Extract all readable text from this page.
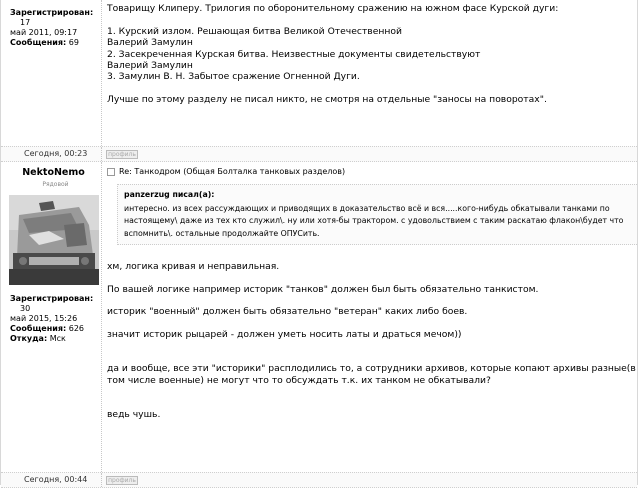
Зарегистрирован: 17
май 2011, 09:17
Сообщения: 69

Товарищу Клиперу. Трилогия по оборонительному сражению на южном фасе Курской дуги:

1. Курский излом. Решающая битва Великой Отечественной

Валерий Замулин

2. Засекреченная Курская битва. Неизвестные документы свидетельствуют

Валерий Замулин

3. Замулин В. Н. Забытое сражение Огненной Дуги.

Лучше по этому разделу не писал никто, не смотря на отдельные "заносы на поворотах".

Сегодня, 00:23	профиль
NektoNemo
Рядовой
Зарегистрирован: 30
май 2015, 15:26
Сообщения: 626
Откуда: Мск
Re: Танкодром (Общая Болталка танковых разделов)
panzerzug писал(а):
интересно. из всех рассуждающих и приводящих в доказательство всё и вся.....кого-нибудь обкатывали танками по настоящему\ даже из тех кто служил\. ну или хотя-бы трактором. с удовольствием с таким раскатаю флакон\будет что вспомнить\. остальные продолжайте ОПУСить.

хм, логика кривая и неправильная.

По вашей логике например историк "танков" должен был быть обязательно танкистом.

историк "военный" должен быть обязательно "ветеран" каких либо боев.

значит историк рыцарей - должен уметь носить латы и драться мечом))

да и вообще, все эти "историки" расплодились то, а сотрудники архивов, которые копают архивы разные(в том числе военные) не могут что то обсуждать т.к. их танком не обкатывали?

ведь чушь.

Сегодня, 00:44	профиль
